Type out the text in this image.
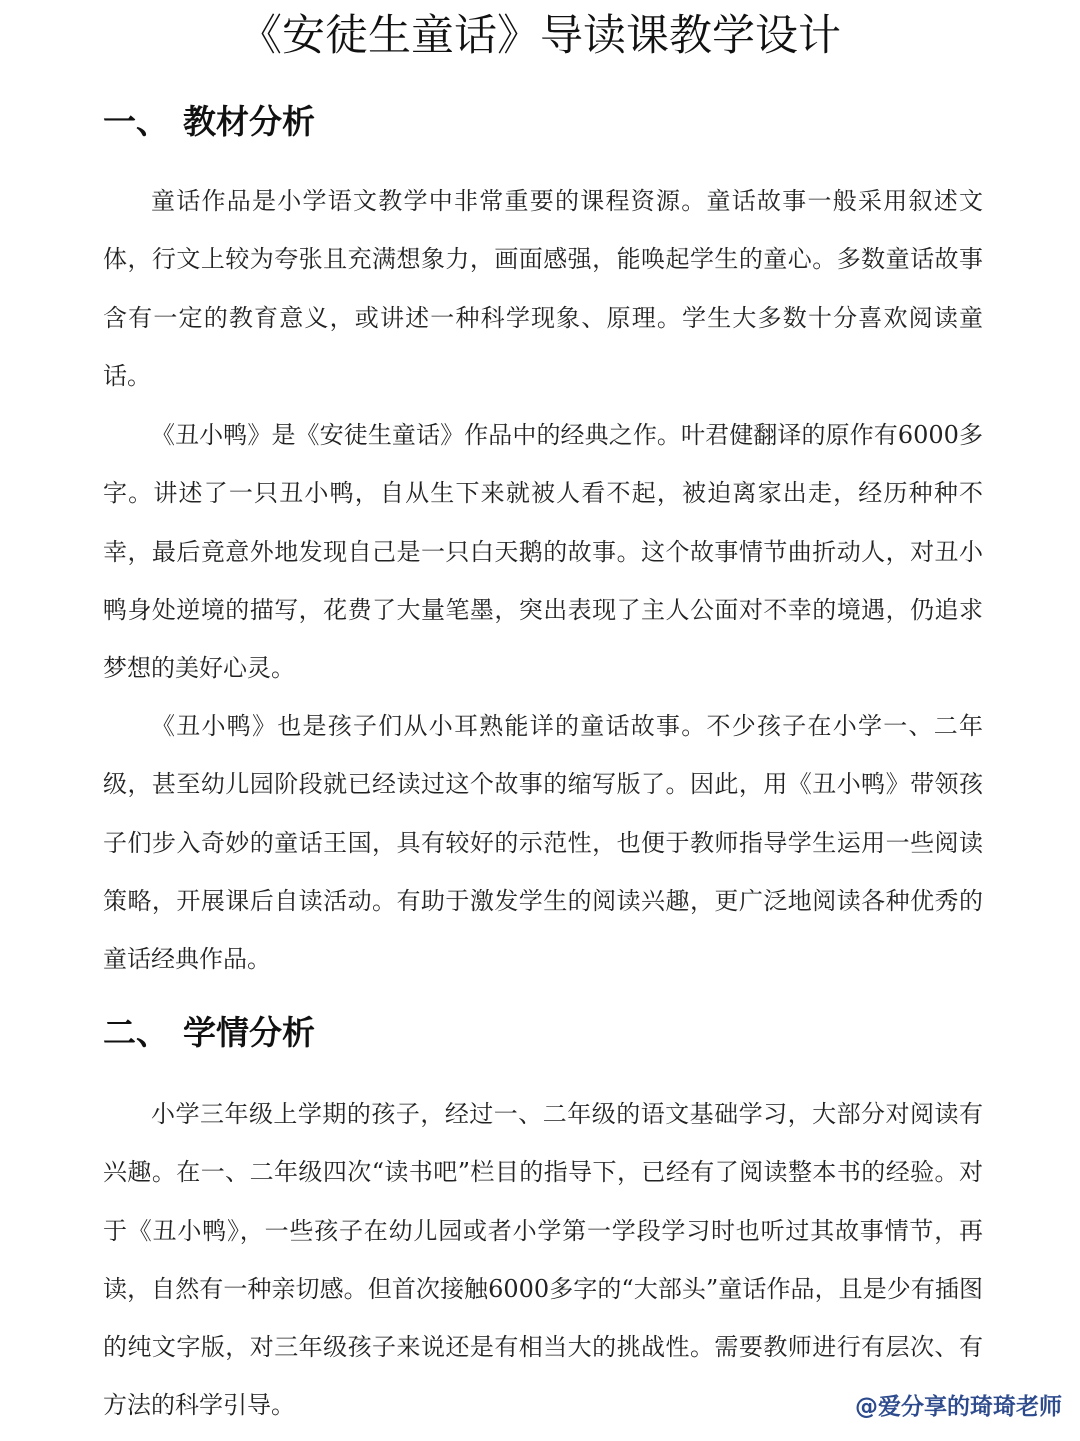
《安徒生童话》导读课教学设计
一、 教材分析

童话作品是小学语文教学中非常重要的课程资源。童话故事一般采用叙述文体，行文上较为夸张且充满想象力，画面感强，能唤起学生的童心。多数童话故事含有一定的教育意义，或讲述一种科学现象、原理。学生大多数十分喜欢阅读童话。

《丑小鸭》是《安徒生童话》作品中的经典之作。叶君健翻译的原作有6000多字。讲述了一只丑小鸭，自从生下来就被人看不起，被迫离家出走，经历种种不幸，最后竟意外地发现自己是一只白天鹅的故事。这个故事情节曲折动人，对丑小鸭身处逆境的描写，花费了大量笔墨，突出表现了主人公面对不幸的境遇，仍追求梦想的美好心灵。

《丑小鸭》也是孩子们从小耳熟能详的童话故事。不少孩子在小学一、二年级，甚至幼儿园阶段就已经读过这个故事的缩写版了。因此，用《丑小鸭》带领孩子们步入奇妙的童话王国，具有较好的示范性，也便于教师指导学生运用一些阅读策略，开展课后自读活动。有助于激发学生的阅读兴趣，更广泛地阅读各种优秀的童话经典作品。

二、 学情分析

小学三年级上学期的孩子，经过一、二年级的语文基础学习，大部分对阅读有兴趣。在一、二年级四次“读书吧”栏目的指导下，已经有了阅读整本书的经验。对于《丑小鸭》，一些孩子在幼儿园或者小学第一学段学习时也听过其故事情节，再读，自然有一种亲切感。但首次接触6000多字的“大部头”童话作品，且是少有插图的纯文字版，对三年级孩子来说还是有相当大的挑战性。需要教师进行有层次、有方法的科学引导。	@爱分享的琦琦老师
